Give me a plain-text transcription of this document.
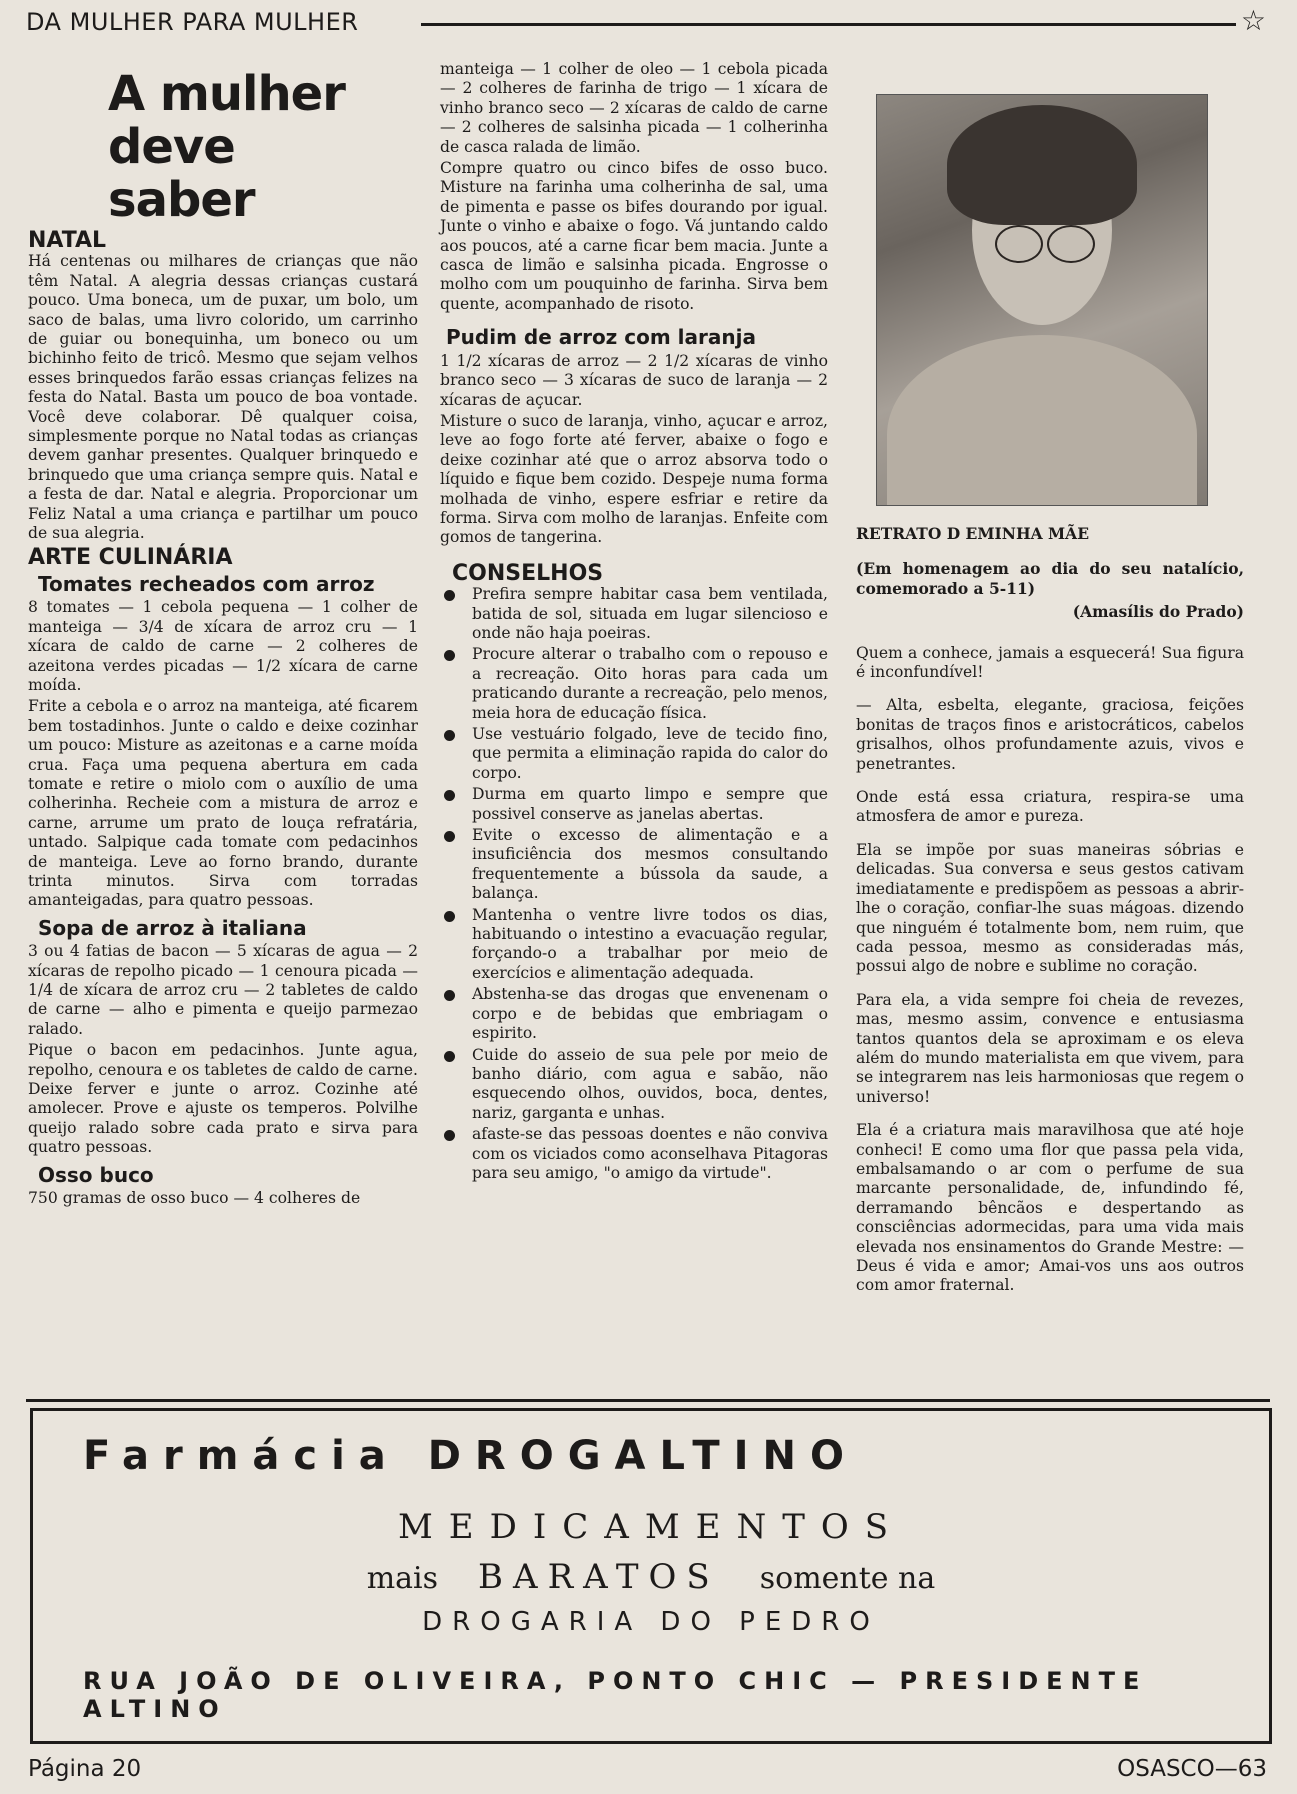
DA MULHER PARA MULHER	☆
A mulher
deve
saber
NATAL

Há centenas ou milhares de crianças que não têm Natal. A alegria dessas crianças custará pouco. Uma boneca, um de puxar, um bolo, um saco de balas, uma livro colorido, um carrinho de guiar ou bonequinha, um boneco ou um bichinho feito de tricô. Mesmo que sejam velhos esses brinquedos farão essas crianças felizes na festa do Natal. Basta um pouco de boa vontade. Você deve colaborar. Dê qualquer coisa, simplesmente porque no Natal todas as crianças devem ganhar presentes. Qualquer brinquedo e brinquedo que uma criança sempre quis. Natal e a festa de dar. Natal e alegria. Proporcionar um Feliz Natal a uma criança e partilhar um pouco de sua alegria.

ARTE CULINÁRIA
Tomates recheados com arroz

8 tomates — 1 cebola pequena — 1 colher de manteiga — 3/4 de xícara de arroz cru — 1 xícara de caldo de carne — 2 colheres de azeitona verdes picadas — 1/2 xícara de carne moída.

Frite a cebola e o arroz na manteiga, até ficarem bem tostadinhos. Junte o caldo e deixe cozinhar um pouco: Misture as azeitonas e a carne moída crua. Faça uma pequena abertura em cada tomate e retire o miolo com o auxílio de uma colherinha. Recheie com a mistura de arroz e carne, arrume um prato de louça refratária, untado. Salpique cada tomate com pedacinhos de manteiga. Leve ao forno brando, durante trinta minutos. Sirva com torradas amanteigadas, para quatro pessoas.

Sopa de arroz à italiana

3 ou 4 fatias de bacon — 5 xícaras de agua — 2 xícaras de repolho picado — 1 cenoura picada — 1/4 de xícara de arroz cru — 2 tabletes de caldo de carne — alho e pimenta e queijo parmezao ralado.

Pique o bacon em pedacinhos. Junte agua, repolho, cenoura e os tabletes de caldo de carne. Deixe ferver e junte o arroz. Cozinhe até amolecer. Prove e ajuste os temperos. Polvilhe queijo ralado sobre cada prato e sirva para quatro pessoas.

Osso buco

750 gramas de osso buco — 4 colheres de

manteiga — 1 colher de oleo — 1 cebola picada — 2 colheres de farinha de trigo — 1 xícara de vinho branco seco — 2 xícaras de caldo de carne — 2 colheres de salsinha picada — 1 colherinha de casca ralada de limão.

Compre quatro ou cinco bifes de osso buco. Misture na farinha uma colherinha de sal, uma de pimenta e passe os bifes dourando por igual. Junte o vinho e abaixe o fogo. Vá juntando caldo aos poucos, até a carne ficar bem macia. Junte a casca de limão e salsinha picada. Engrosse o molho com um pouquinho de farinha. Sirva bem quente, acompanhado de risoto.

Pudim de arroz com laranja

1 1/2 xícaras de arroz — 2 1/2 xícaras de vinho branco seco — 3 xícaras de suco de laranja — 2 xícaras de açucar.

Misture o suco de laranja, vinho, açucar e arroz, leve ao fogo forte até ferver, abaixe o fogo e deixe cozinhar até que o arroz absorva todo o líquido e fique bem cozido. Despeje numa forma molhada de vinho, espere esfriar e retire da forma. Sirva com molho de laranjas. Enfeite com gomos de tangerina.

CONSELHOS

Prefira sempre habitar casa bem ventilada, batida de sol, situada em lugar silencioso e onde não haja poeiras.

Procure alterar o trabalho com o repouso e a recreação. Oito horas para cada um praticando durante a recreação, pelo menos, meia hora de educação física.

Use vestuário folgado, leve de tecido fino, que permita a eliminação rapida do calor do corpo.

Durma em quarto limpo e sempre que possivel conserve as janelas abertas.

Evite o excesso de alimentação e a insuficiência dos mesmos consultando frequentemente a bússola da saude, a balança.

Mantenha o ventre livre todos os dias, habituando o intestino a evacuação regular, forçando-o a trabalhar por meio de exercícios e alimentação adequada.

Abstenha-se das drogas que envenenam o corpo e de bebidas que embriagam o espirito.

Cuide do asseio de sua pele por meio de banho diário, com agua e sabão, não esquecendo olhos, ouvidos, boca, dentes, nariz, garganta e unhas.

afaste-se das pessoas doentes e não conviva com os viciados como aconselhava Pitagoras para seu amigo, "o amigo da virtude".

RETRATO D EMINHA MÃE
(Em homenagem ao dia do seu natalício, comemorado a 5-11)
(Amasílis do Prado)

Quem a conhece, jamais a esquecerá! Sua figura é inconfundível!

— Alta, esbelta, elegante, graciosa, feições bonitas de traços finos e aristocráticos, cabelos grisalhos, olhos profundamente azuis, vivos e penetrantes.

Onde está essa criatura, respira-se uma atmosfera de amor e pureza.

Ela se impõe por suas maneiras sóbrias e delicadas. Sua conversa e seus gestos cativam imediatamente e predispõem as pessoas a abrir-lhe o coração, confiar-lhe suas mágoas. dizendo que ninguém é totalmente bom, nem ruim, que cada pessoa, mesmo as consideradas más, possui algo de nobre e sublime no coração.

Para ela, a vida sempre foi cheia de revezes, mas, mesmo assim, convence e entusiasma tantos quantos dela se aproximam e os eleva além do mundo materialista em que vivem, para se integrarem nas leis harmoniosas que regem o universo!

Ela é a criatura mais maravilhosa que até hoje conheci! E como uma flor que passa pela vida, embalsamando o ar com o perfume de sua marcante personalidade, de, infundindo fé, derramando bêncãos e despertando as consciências adormecidas, para uma vida mais elevada nos ensinamentos do Grande Mestre: — Deus é vida e amor; Amai-vos uns aos outros com amor fraternal.

Farmácia DROGALTINO
MEDICAMENTOS
mais BARATOS somente na
DROGARIA DO PEDRO
RUA JOÃO DE OLIVEIRA, PONTO CHIC — PRESIDENTE ALTINO
Página 20	OSASCO—63
